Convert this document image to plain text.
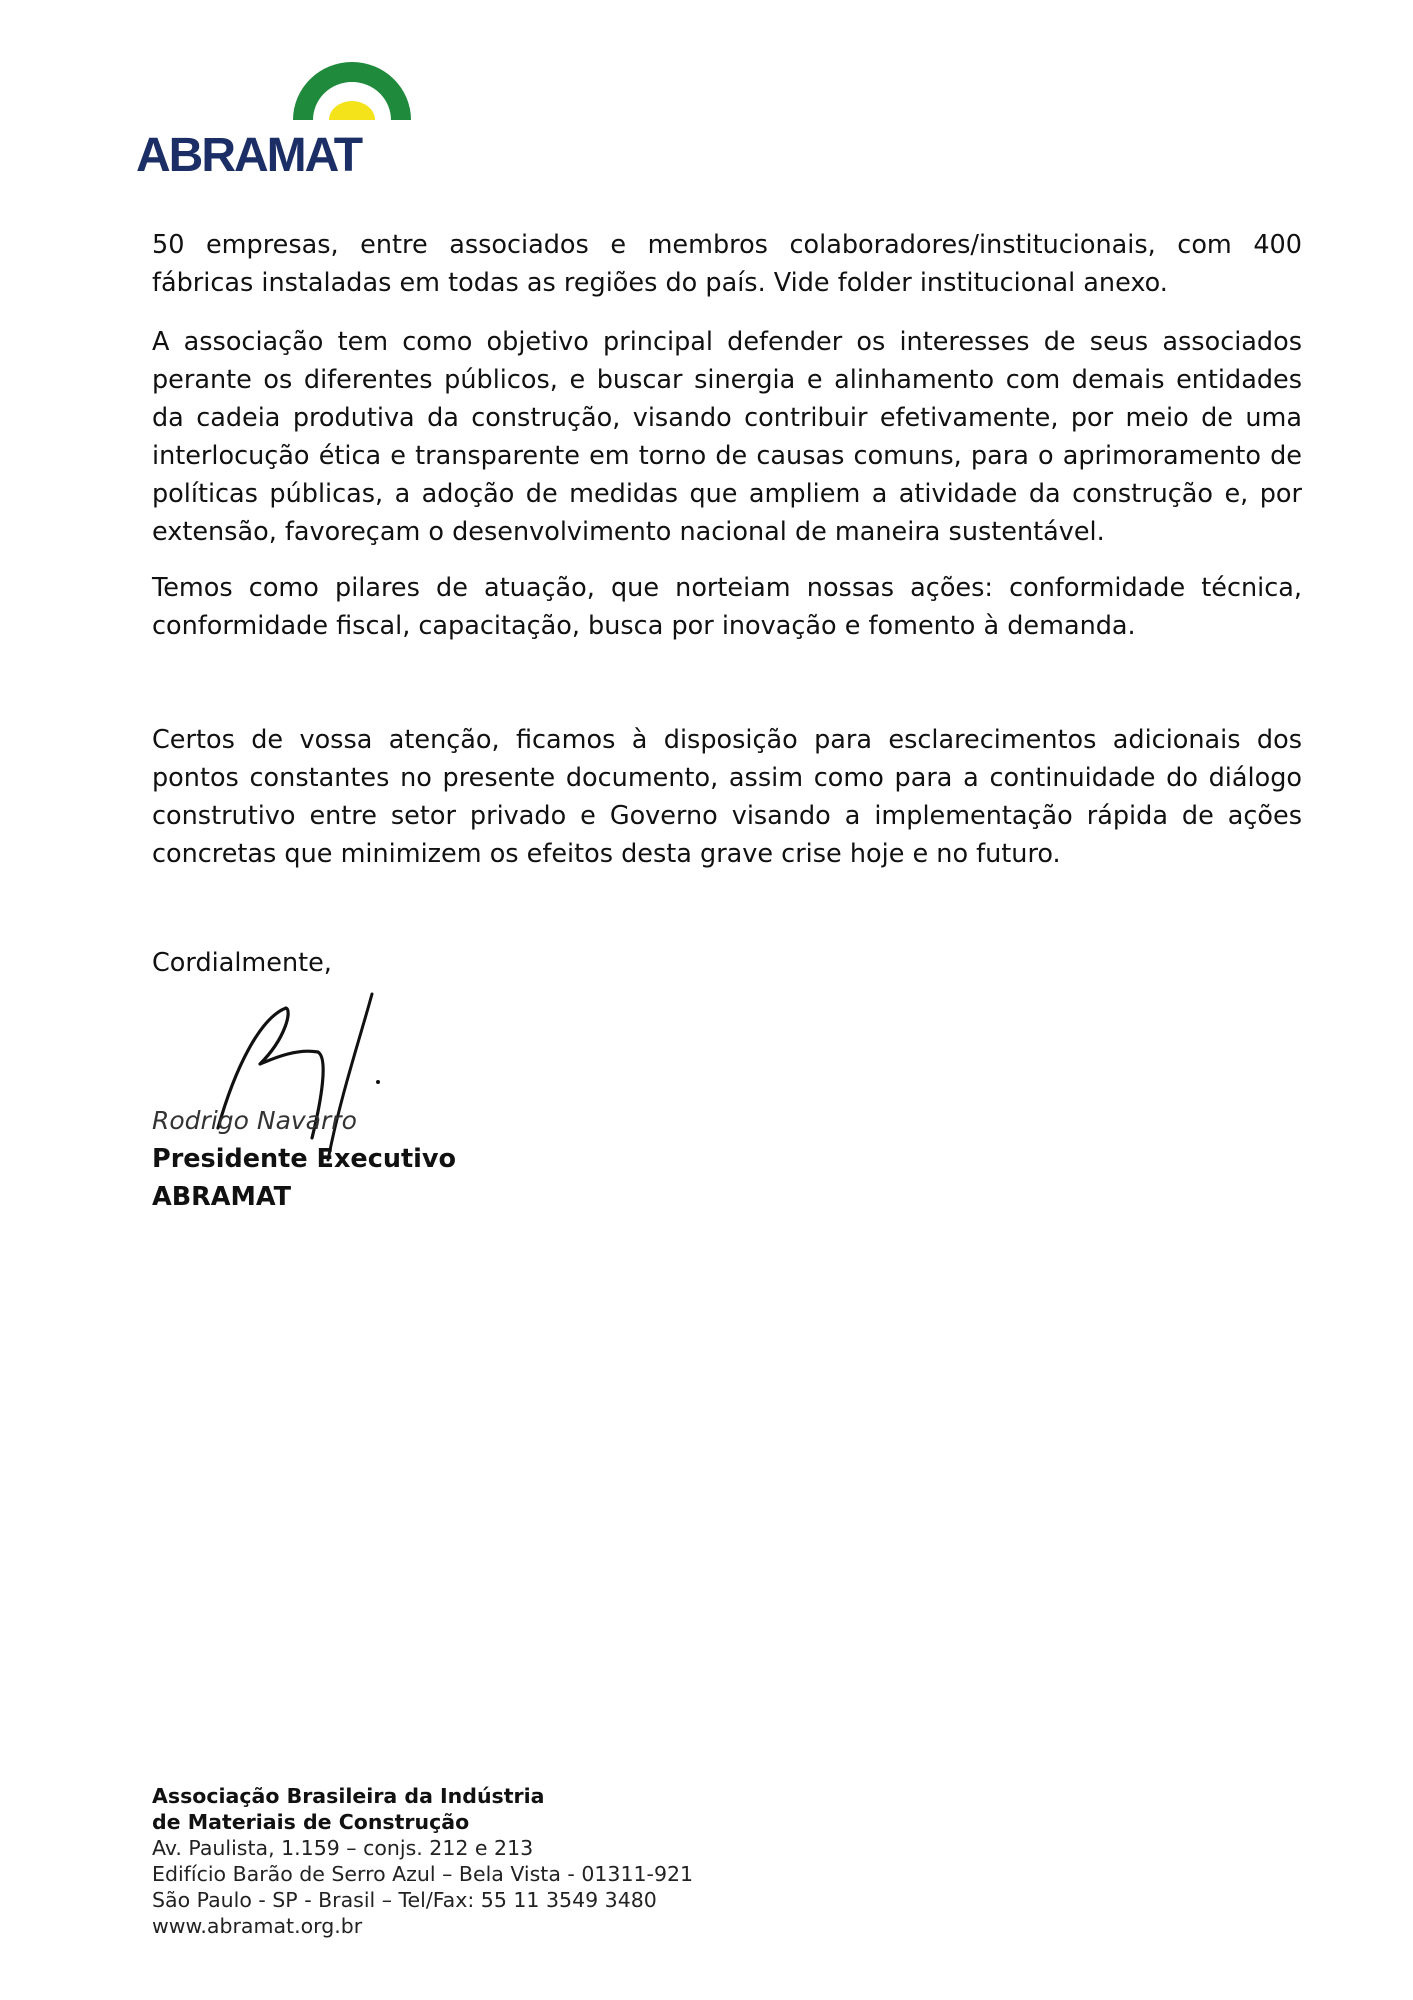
ABRAMAT

50 empresas, entre associados e membros colaboradores/institucionais, com 400 fábricas instaladas em todas as regiões do país. Vide folder institucional anexo.

A associação tem como objetivo principal defender os interesses de seus associados perante os diferentes públicos, e buscar sinergia e alinhamento com demais entidades da cadeia produtiva da construção, visando contribuir efetivamente, por meio de uma interlocução ética e transparente em torno de causas comuns, para o aprimoramento de políticas públicas, a adoção de medidas que ampliem a atividade da construção e, por extensão, favoreçam o desenvolvimento nacional de maneira sustentável.

Temos como pilares de atuação, que norteiam nossas ações: conformidade técnica, conformidade fiscal, capacitação, busca por inovação e fomento à demanda.

Certos de vossa atenção, ficamos à disposição para esclarecimentos adicionais dos pontos constantes no presente documento, assim como para a continuidade do diálogo construtivo entre setor privado e Governo visando a implementação rápida de ações concretas que minimizem os efeitos desta grave crise hoje e no futuro.

Cordialmente,
Rodrigo Navarro
Presidente Executivo
ABRAMAT
Associação Brasileira da Indústria
de Materiais de Construção
Av. Paulista, 1.159 – conjs. 212 e 213
Edifício Barão de Serro Azul – Bela Vista - 01311-921
São Paulo - SP - Brasil – Tel/Fax: 55 11 3549 3480
www.abramat.org.br
